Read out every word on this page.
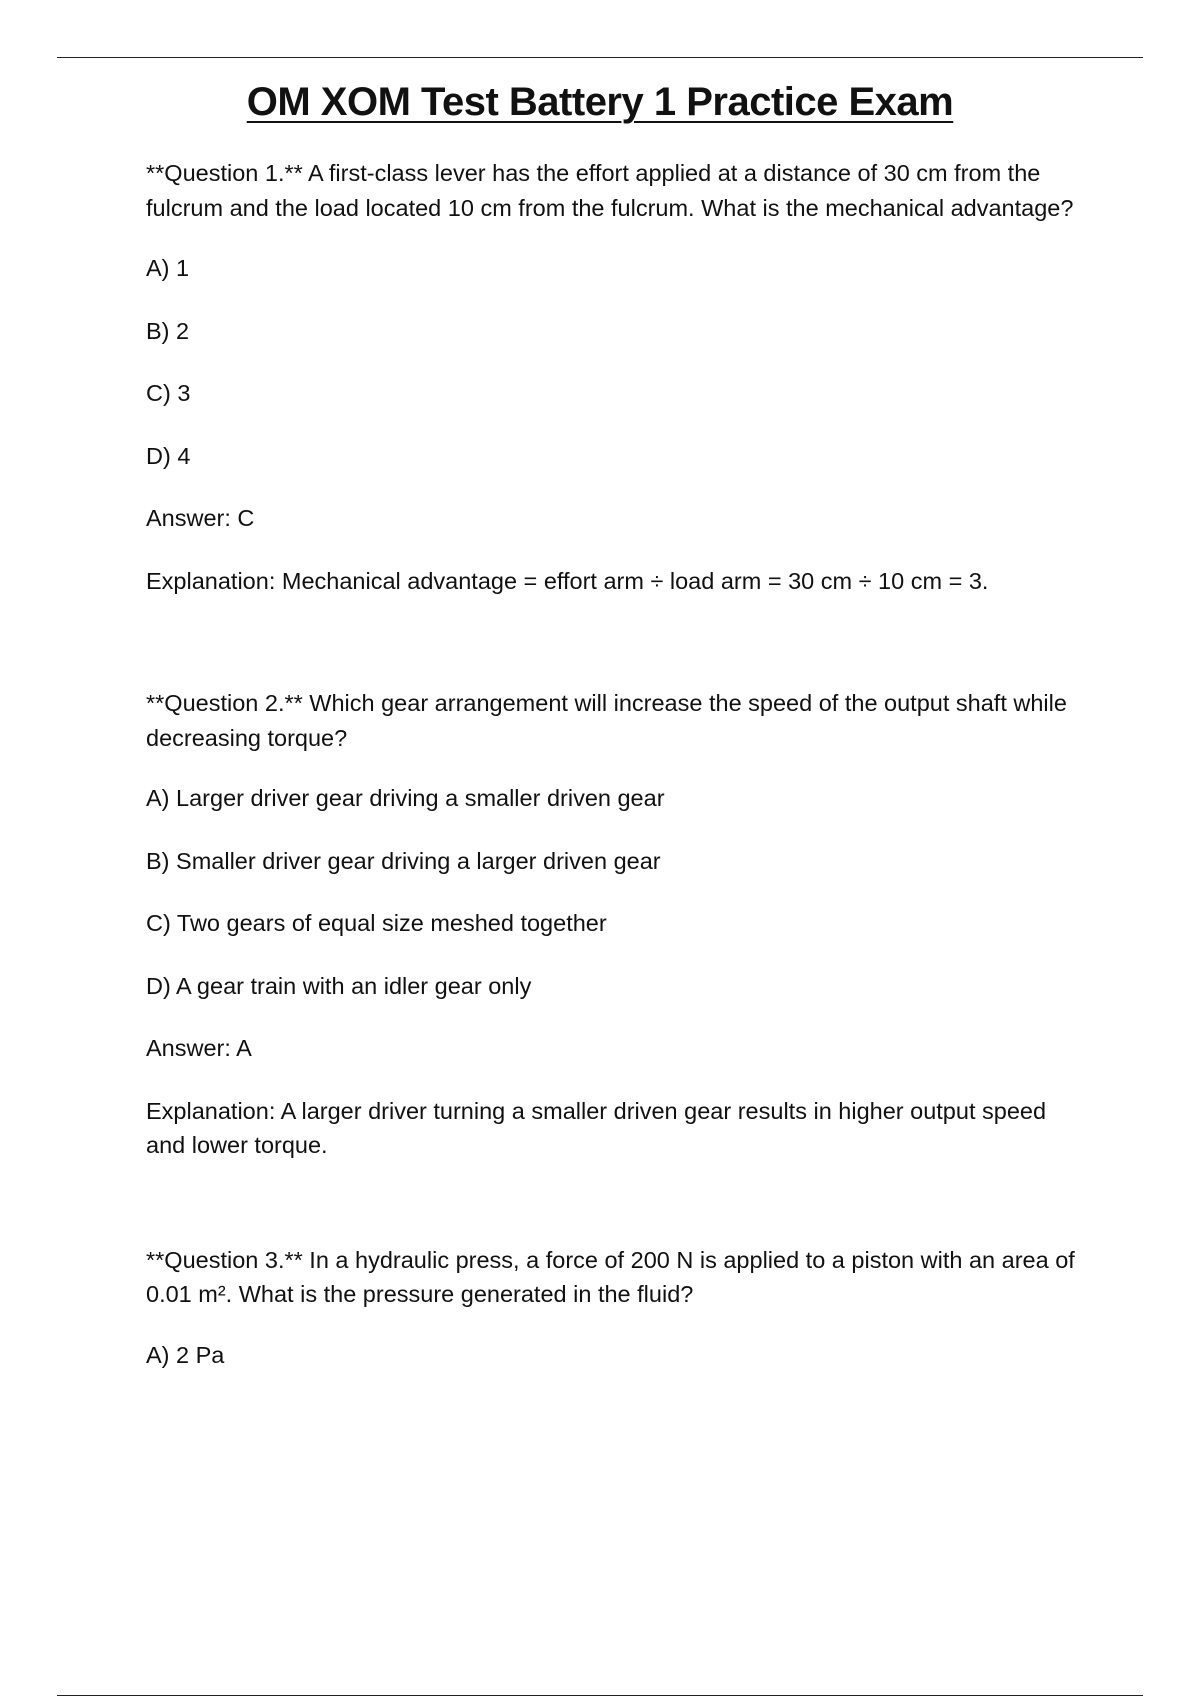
OM XOM Test Battery 1 Practice Exam

**Question 1.** A first-class lever has the effort applied at a distance of 30 cm from the fulcrum and the load located 10 cm from the fulcrum. What is the mechanical advantage?

A) 1

B) 2

C) 3

D) 4

Answer: C

Explanation: Mechanical advantage = effort arm ÷ load arm = 30 cm ÷ 10 cm = 3.

**Question 2.** Which gear arrangement will increase the speed of the output shaft while decreasing torque?

A) Larger driver gear driving a smaller driven gear

B) Smaller driver gear driving a larger driven gear

C) Two gears of equal size meshed together

D) A gear train with an idler gear only

Answer: A

Explanation: A larger driver turning a smaller driven gear results in higher output speed and lower torque.

**Question 3.** In a hydraulic press, a force of 200 N is applied to a piston with an area of 0.01 m². What is the pressure generated in the fluid?

A) 2 Pa
